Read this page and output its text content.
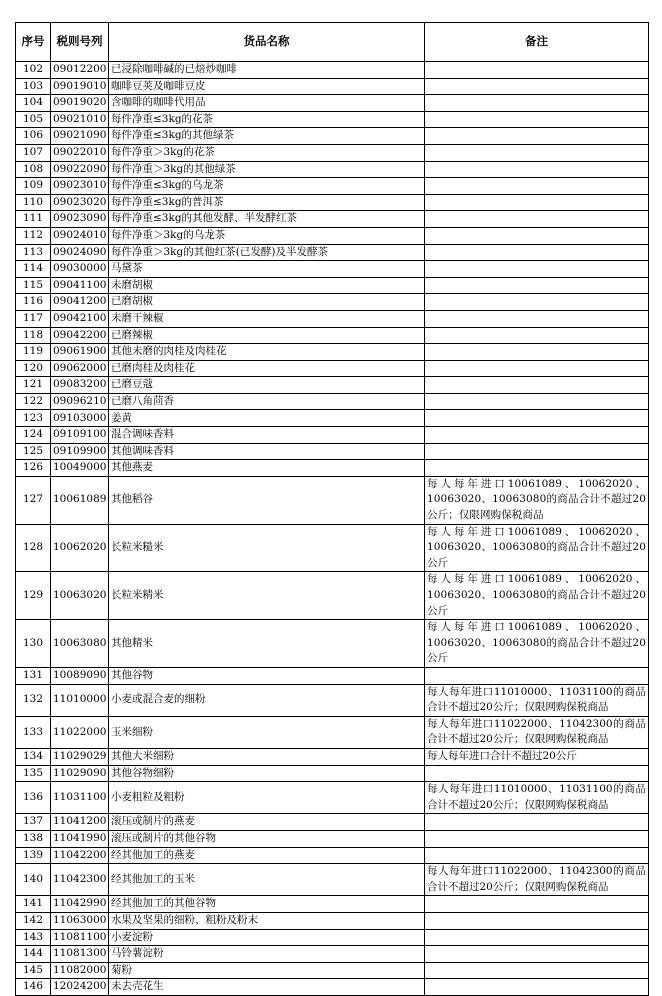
序号	税则号列	货品名称	备注
102	09012200	已浸除咖啡碱的已焙炒咖啡	
103	09019010	咖啡豆荚及咖啡豆皮	
104	09019020	含咖啡的咖啡代用品	
105	09021010	每件净重≤3kg的花茶	
106	09021090	每件净重≤3kg的其他绿茶	
107	09022010	每件净重＞3kg的花茶	
108	09022090	每件净重＞3kg的其他绿茶	
109	09023010	每件净重≤3kg的乌龙茶	
110	09023020	每件净重≤3kg的普洱茶	
111	09023090	每件净重≤3kg的其他发酵、半发酵红茶	
112	09024010	每件净重＞3kg的乌龙茶	
113	09024090	每件净重＞3kg的其他红茶(已发酵)及半发酵茶	
114	09030000	马黛茶	
115	09041100	未磨胡椒	
116	09041200	已磨胡椒	
117	09042100	未磨干辣椒	
118	09042200	已磨辣椒	
119	09061900	其他未磨的肉桂及肉桂花	
120	09062000	已磨肉桂及肉桂花	
121	09083200	已磨豆蔻	
122	09096210	已磨八角茴香	
123	09103000	姜黄	
124	09109100	混合调味香料	
125	09109900	其他调味香料	
126	10049000	其他燕麦	
127	10061089	其他稻谷	每人每年进口10061089、10062020、10063020、10063080的商品合计不超过20公斤；仅限网购保税商品
128	10062020	长粒米糙米	每人每年进口10061089、10062020、10063020、10063080的商品合计不超过20公斤
129	10063020	长粒米精米	每人每年进口10061089、10062020、10063020、10063080的商品合计不超过20公斤
130	10063080	其他精米	每人每年进口10061089、10062020、10063020、10063080的商品合计不超过20公斤
131	10089090	其他谷物	
132	11010000	小麦或混合麦的细粉	每人每年进口11010000、11031100的商品合计不超过20公斤；仅限网购保税商品
133	11022000	玉米细粉	每人每年进口11022000、11042300的商品合计不超过20公斤；仅限网购保税商品
134	11029029	其他大米细粉	每人每年进口合计不超过20公斤
135	11029090	其他谷物细粉	
136	11031100	小麦粗粒及粗粉	每人每年进口11010000、11031100的商品合计不超过20公斤；仅限网购保税商品
137	11041200	滚压或制片的燕麦	
138	11041990	滚压或制片的其他谷物	
139	11042200	经其他加工的燕麦	
140	11042300	经其他加工的玉米	每人每年进口11022000、11042300的商品合计不超过20公斤；仅限网购保税商品
141	11042990	经其他加工的其他谷物	
142	11063000	水果及坚果的细粉、粗粉及粉末	
143	11081100	小麦淀粉	
144	11081300	马铃薯淀粉	
145	11082000	菊粉	
146	12024200	未去壳花生	
